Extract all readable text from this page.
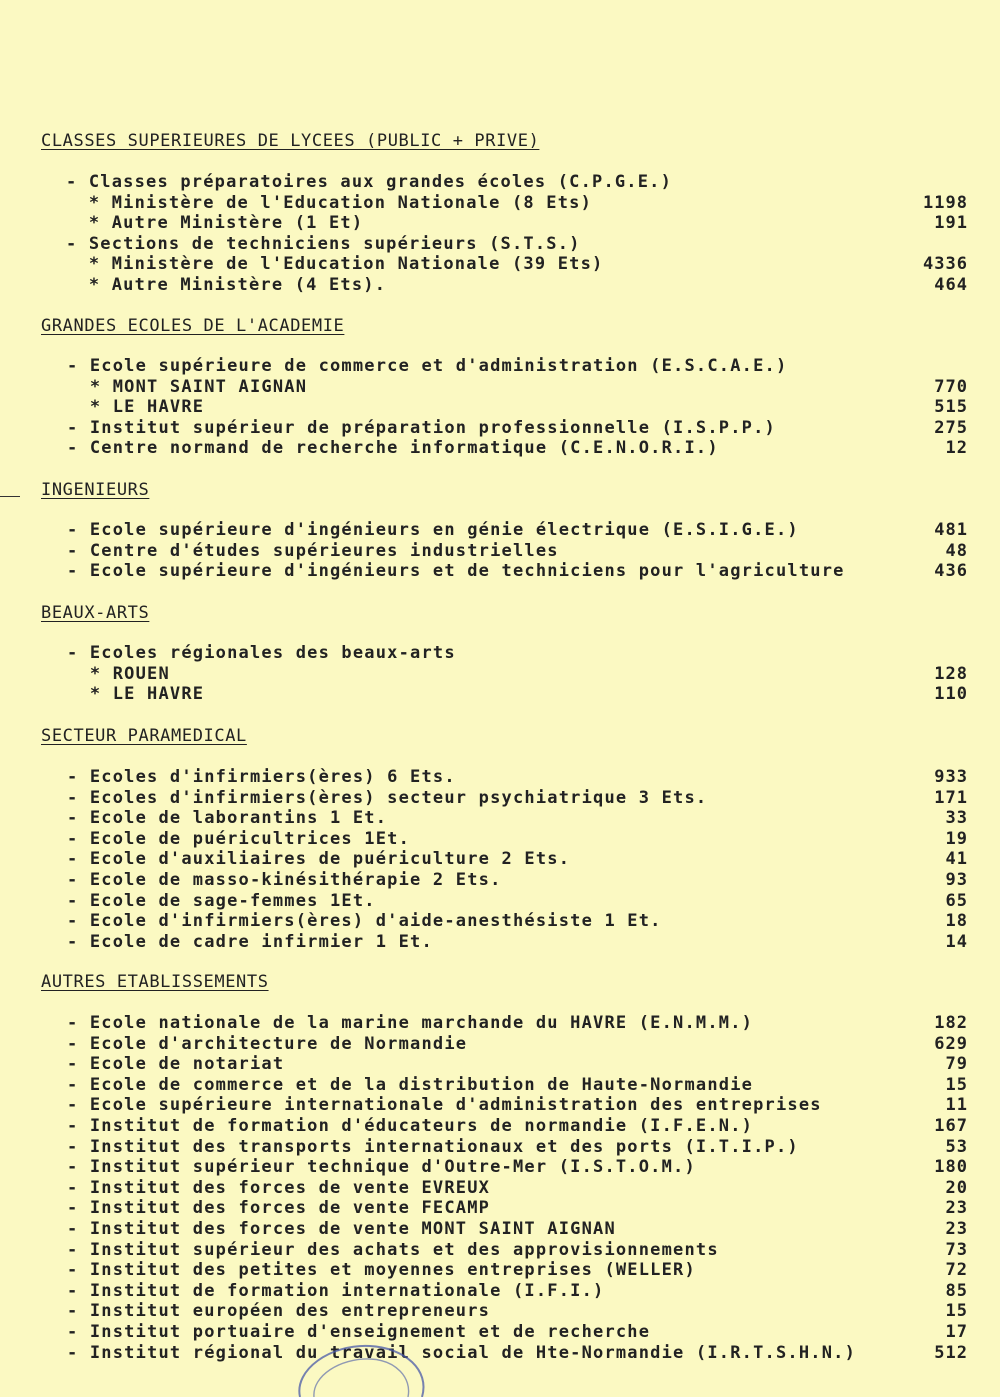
CLASSES SUPERIEURES DE LYCEES (PUBLIC + PRIVE)
- Classes préparatoires aux grandes écoles (C.P.G.E.)
* Ministère de l'Education Nationale (8 Ets)	1198
* Autre Ministère (1 Et)	191
- Sections de techniciens supérieurs (S.T.S.)
* Ministère de l'Education Nationale (39 Ets)	4336
* Autre Ministère (4 Ets).	464
GRANDES ECOLES DE L'ACADEMIE
- Ecole supérieure de commerce et d'administration (E.S.C.A.E.)
* MONT SAINT AIGNAN	770
* LE HAVRE	515
- Institut supérieur de préparation professionnelle (I.S.P.P.)	275
- Centre normand de recherche informatique (C.E.N.O.R.I.)	12
INGENIEURS
- Ecole supérieure d'ingénieurs en génie électrique (E.S.I.G.E.)	481
- Centre d'études supérieures industrielles	48
- Ecole supérieure d'ingénieurs et de techniciens pour l'agriculture	436
BEAUX-ARTS
- Ecoles régionales des beaux-arts
* ROUEN	128
* LE HAVRE	110
SECTEUR PARAMEDICAL
- Ecoles d'infirmiers(ères) 6 Ets.	933
- Ecoles d'infirmiers(ères) secteur psychiatrique 3 Ets.	171
- Ecole de laborantins 1 Et.	33
- Ecole de puéricultrices 1Et.	19
- Ecole d'auxiliaires de puériculture 2 Ets.	41
- Ecole de masso-kinésithérapie 2 Ets.	93
- Ecole de sage-femmes 1Et.	65
- Ecole d'infirmiers(ères) d'aide-anesthésiste 1 Et.	18
- Ecole de cadre infirmier 1 Et.	14
AUTRES ETABLISSEMENTS
- Ecole nationale de la marine marchande du HAVRE (E.N.M.M.)	182
- Ecole d'architecture de Normandie	629
- Ecole de notariat	79
- Ecole de commerce et de la distribution de Haute-Normandie	15
- Ecole supérieure internationale d'administration des entreprises	11
- Institut de formation d'éducateurs de normandie (I.F.E.N.)	167
- Institut des transports internationaux et des ports (I.T.I.P.)	53
- Institut supérieur technique d'Outre-Mer (I.S.T.O.M.)	180
- Institut des forces de vente EVREUX	20
- Institut des forces de vente FECAMP	23
- Institut des forces de vente MONT SAINT AIGNAN	23
- Institut supérieur des achats et des approvisionnements	73
- Institut des petites et moyennes entreprises (WELLER)	72
- Institut de formation internationale (I.F.I.)	85
- Institut européen des entrepreneurs	15
- Institut portuaire d'enseignement et de recherche	17
- Institut régional du travail social de Hte-Normandie (I.R.T.S.H.N.)	512
